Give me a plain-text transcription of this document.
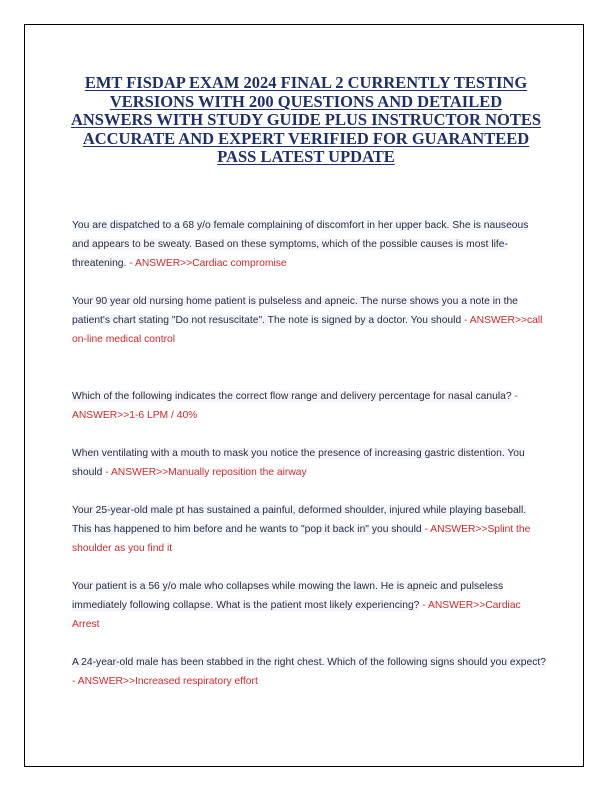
EMT FISDAP EXAM 2024 FINAL 2 CURRENTLY TESTING VERSIONS WITH 200 QUESTIONS AND DETAILED ANSWERS WITH STUDY GUIDE PLUS INSTRUCTOR NOTES ACCURATE AND EXPERT VERIFIED FOR GUARANTEED PASS LATEST UPDATE

You are dispatched to a 68 y/o female complaining of discomfort in her upper back. She is nauseous and appears to be sweaty. Based on these symptoms, which of the possible causes is most life-threatening. - ANSWER>>Cardiac compromise

Your 90 year old nursing home patient is pulseless and apneic. The nurse shows you a note in the patient's chart stating "Do not resuscitate". The note is signed by a doctor. You should - ANSWER>>call on-line medical control

Which of the following indicates the correct flow range and delivery percentage for nasal canula? - ANSWER>>1-6 LPM / 40%

When ventilating with a mouth to mask you notice the presence of increasing gastric distention. You should - ANSWER>>Manually reposition the airway

Your 25-year-old male pt has sustained a painful, deformed shoulder, injured while playing baseball. This has happened to him before and he wants to "pop it back in" you should - ANSWER>>Splint the shoulder as you find it

Your patient is a 56 y/o male who collapses while mowing the lawn. He is apneic and pulseless immediately following collapse. What is the patient most likely experiencing? - ANSWER>>Cardiac Arrest

A 24-year-old male has been stabbed in the right chest. Which of the following signs should you expect? - ANSWER>>Increased respiratory effort
